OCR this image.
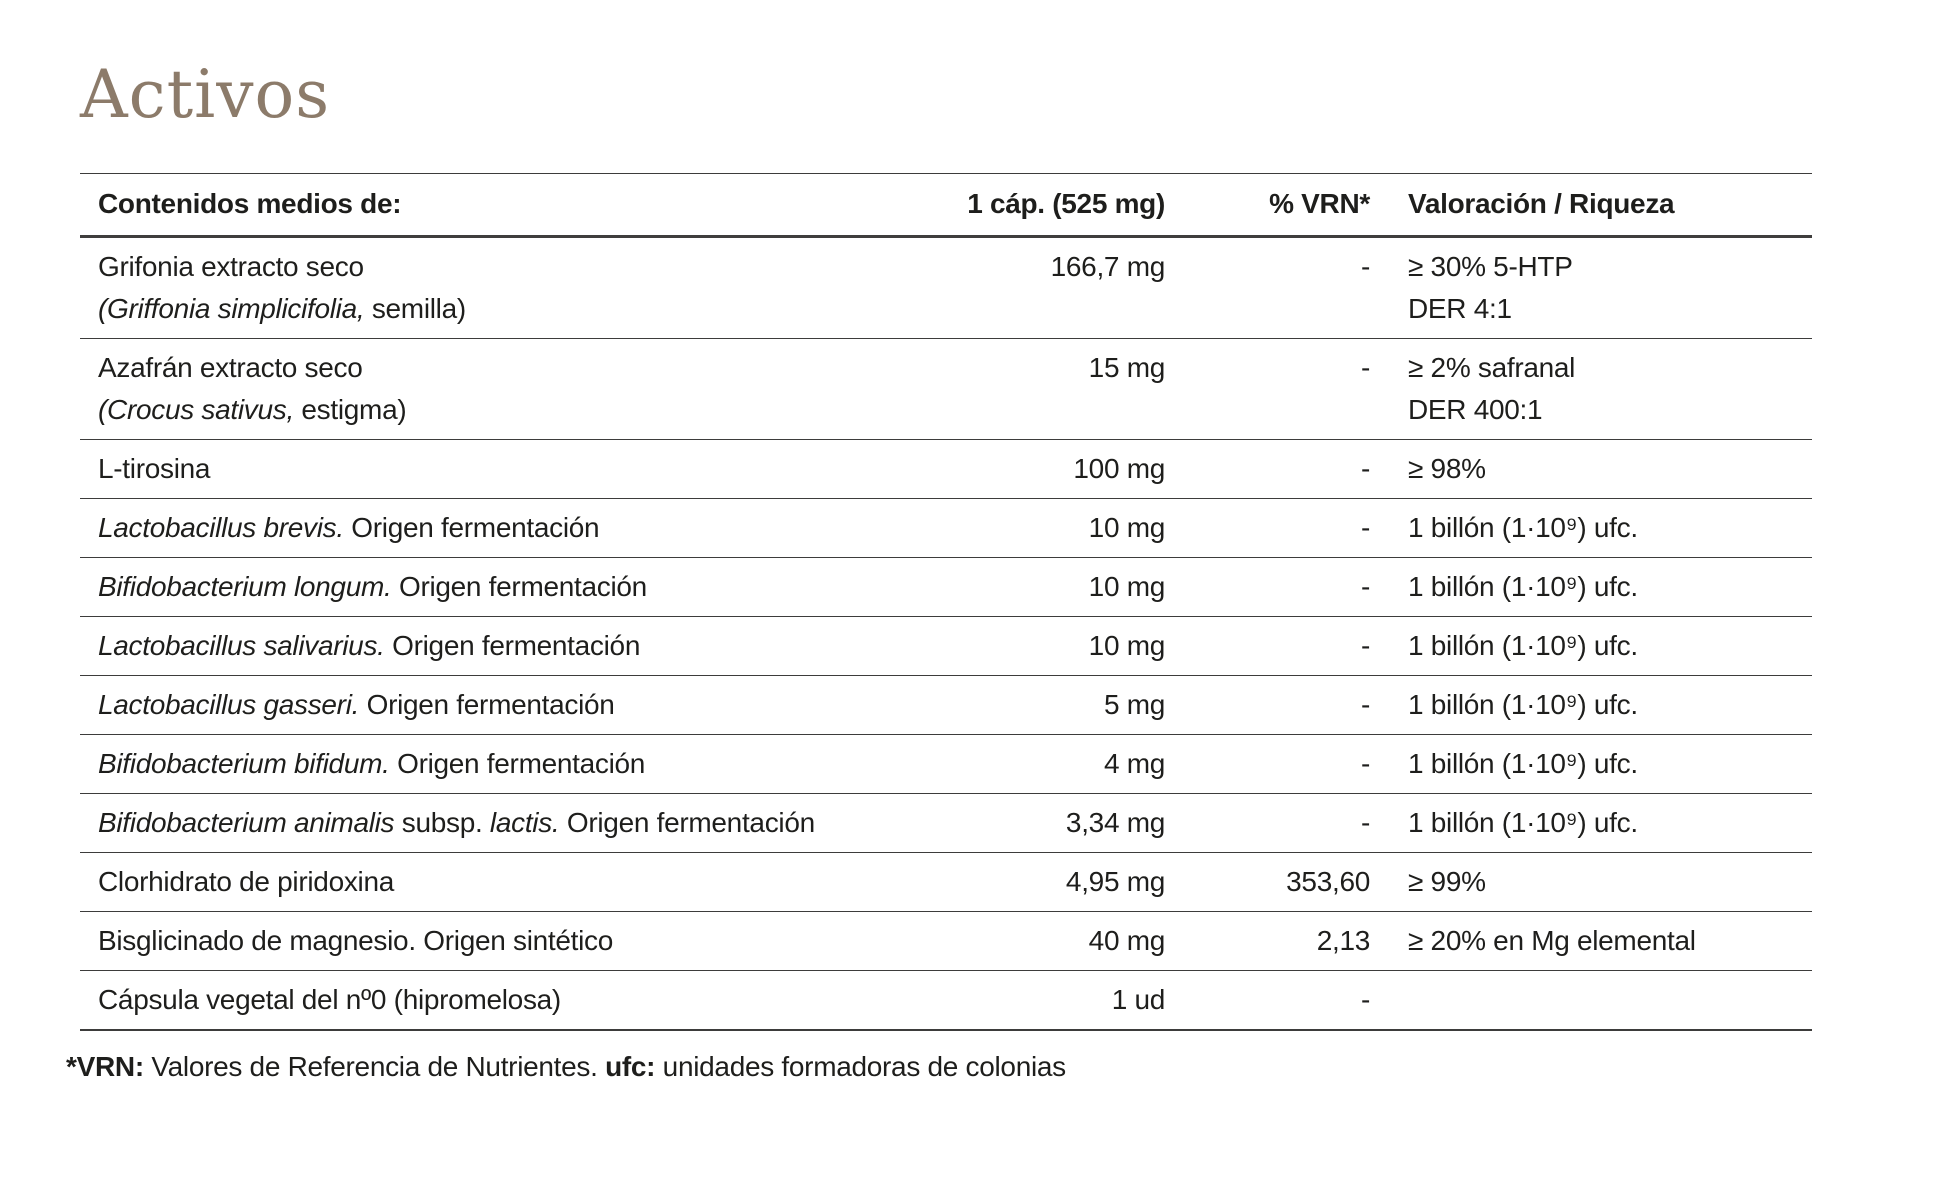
Activos
Contenidos medios de:	1 cáp. (525 mg)	% VRN*	Valoración / Riqueza
Grifonia extracto seco
(Griffonia simplicifolia, semilla)	166,7 mg	-	≥ 30% 5-HTP
DER 4:1
Azafrán extracto seco
(Crocus sativus, estigma)	15 mg	-	≥ 2% safranal
DER 400:1
L-tirosina	100 mg	-	≥ 98%
Lactobacillus brevis. Origen fermentación	10 mg	-	1 billón (1·10⁹) ufc.
Bifidobacterium longum. Origen fermentación	10 mg	-	1 billón (1·10⁹) ufc.
Lactobacillus salivarius. Origen fermentación	10 mg	-	1 billón (1·10⁹) ufc.
Lactobacillus gasseri. Origen fermentación	5 mg	-	1 billón (1·10⁹) ufc.
Bifidobacterium bifidum. Origen fermentación	4 mg	-	1 billón (1·10⁹) ufc.
Bifidobacterium animalis subsp. lactis. Origen fermentación	3,34 mg	-	1 billón (1·10⁹) ufc.
Clorhidrato de piridoxina	4,95 mg	353,60	≥ 99%
Bisglicinado de magnesio. Origen sintético	40 mg	2,13	≥ 20% en Mg elemental
Cápsula vegetal del nº0 (hipromelosa)	1 ud	-	

*VRN: Valores de Referencia de Nutrientes. ufc: unidades formadoras de colonias
